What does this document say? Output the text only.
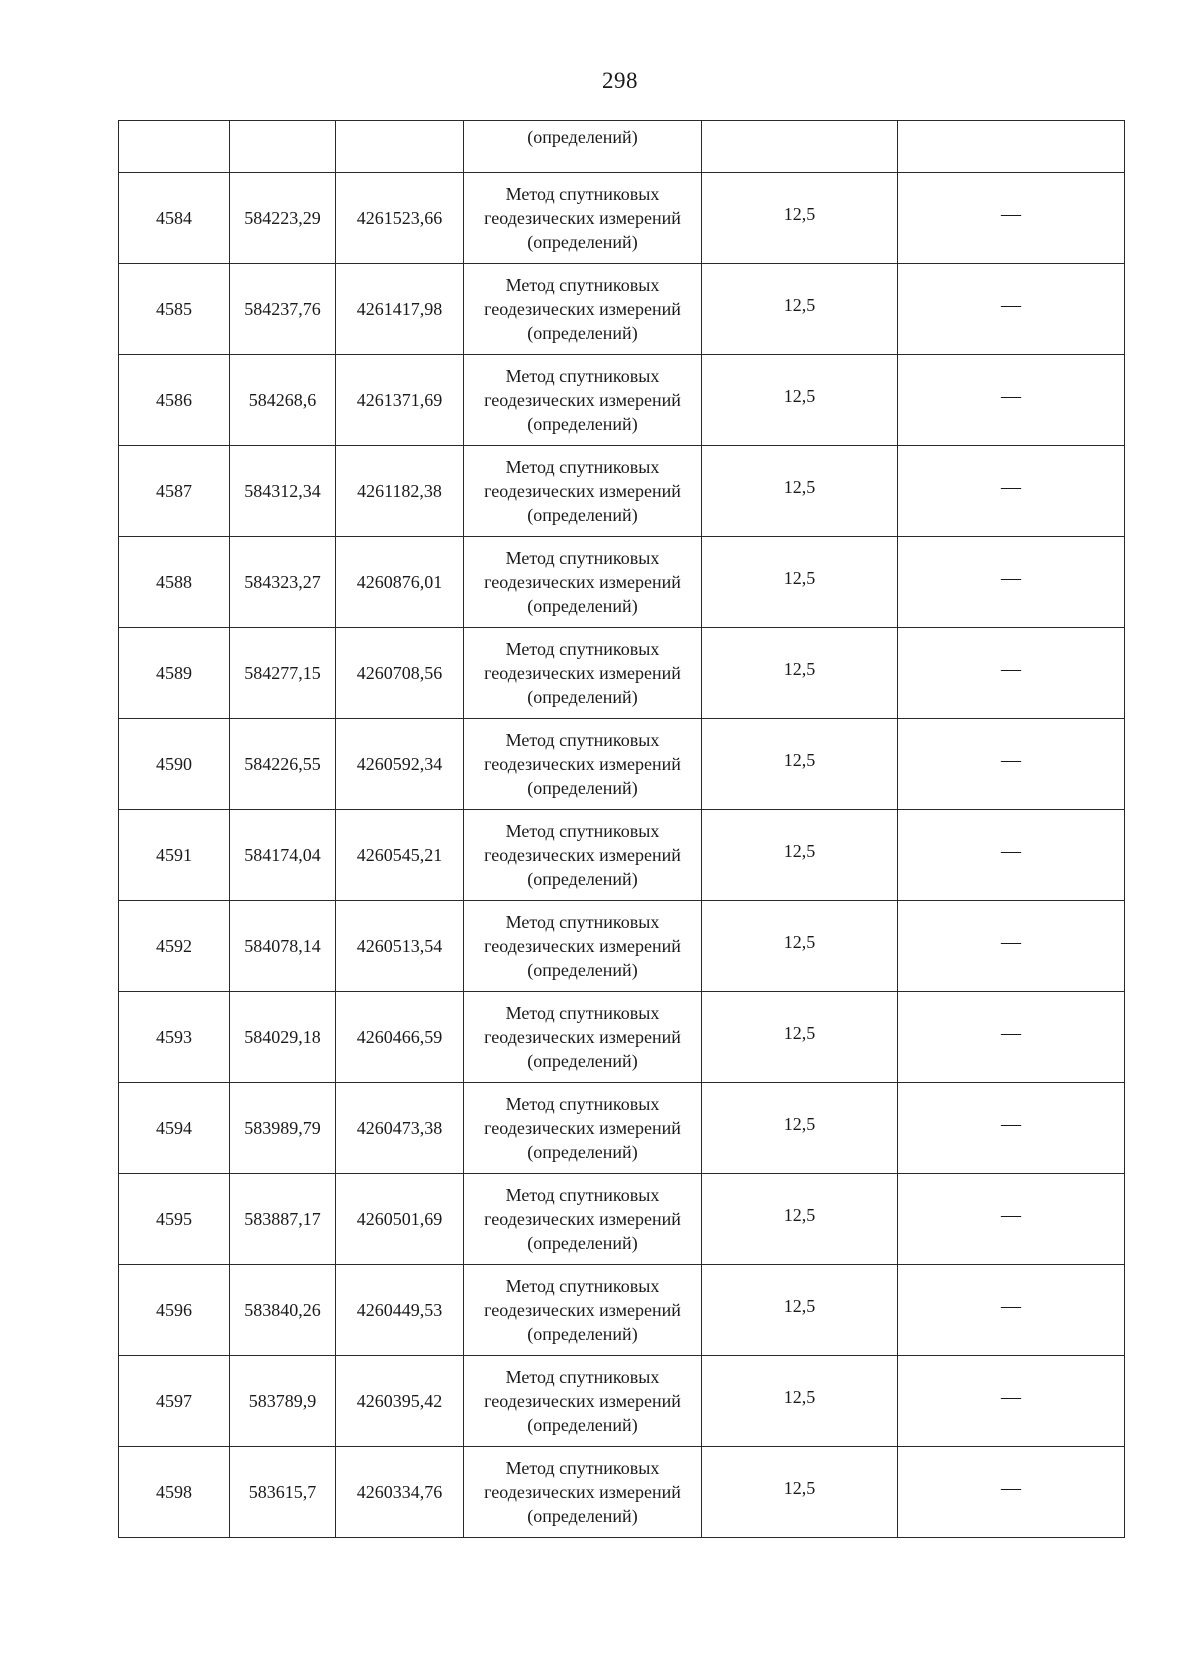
298
			(определений)		
4584	584223,29	4261523,66	Метод спутниковых
геодезических измерений
(определений)	12,5	—
4585	584237,76	4261417,98	Метод спутниковых
геодезических измерений
(определений)	12,5	—
4586	584268,6	4261371,69	Метод спутниковых
геодезических измерений
(определений)	12,5	—
4587	584312,34	4261182,38	Метод спутниковых
геодезических измерений
(определений)	12,5	—
4588	584323,27	4260876,01	Метод спутниковых
геодезических измерений
(определений)	12,5	—
4589	584277,15	4260708,56	Метод спутниковых
геодезических измерений
(определений)	12,5	—
4590	584226,55	4260592,34	Метод спутниковых
геодезических измерений
(определений)	12,5	—
4591	584174,04	4260545,21	Метод спутниковых
геодезических измерений
(определений)	12,5	—
4592	584078,14	4260513,54	Метод спутниковых
геодезических измерений
(определений)	12,5	—
4593	584029,18	4260466,59	Метод спутниковых
геодезических измерений
(определений)	12,5	—
4594	583989,79	4260473,38	Метод спутниковых
геодезических измерений
(определений)	12,5	—
4595	583887,17	4260501,69	Метод спутниковых
геодезических измерений
(определений)	12,5	—
4596	583840,26	4260449,53	Метод спутниковых
геодезических измерений
(определений)	12,5	—
4597	583789,9	4260395,42	Метод спутниковых
геодезических измерений
(определений)	12,5	—
4598	583615,7	4260334,76	Метод спутниковых
геодезических измерений
(определений)	12,5	—
